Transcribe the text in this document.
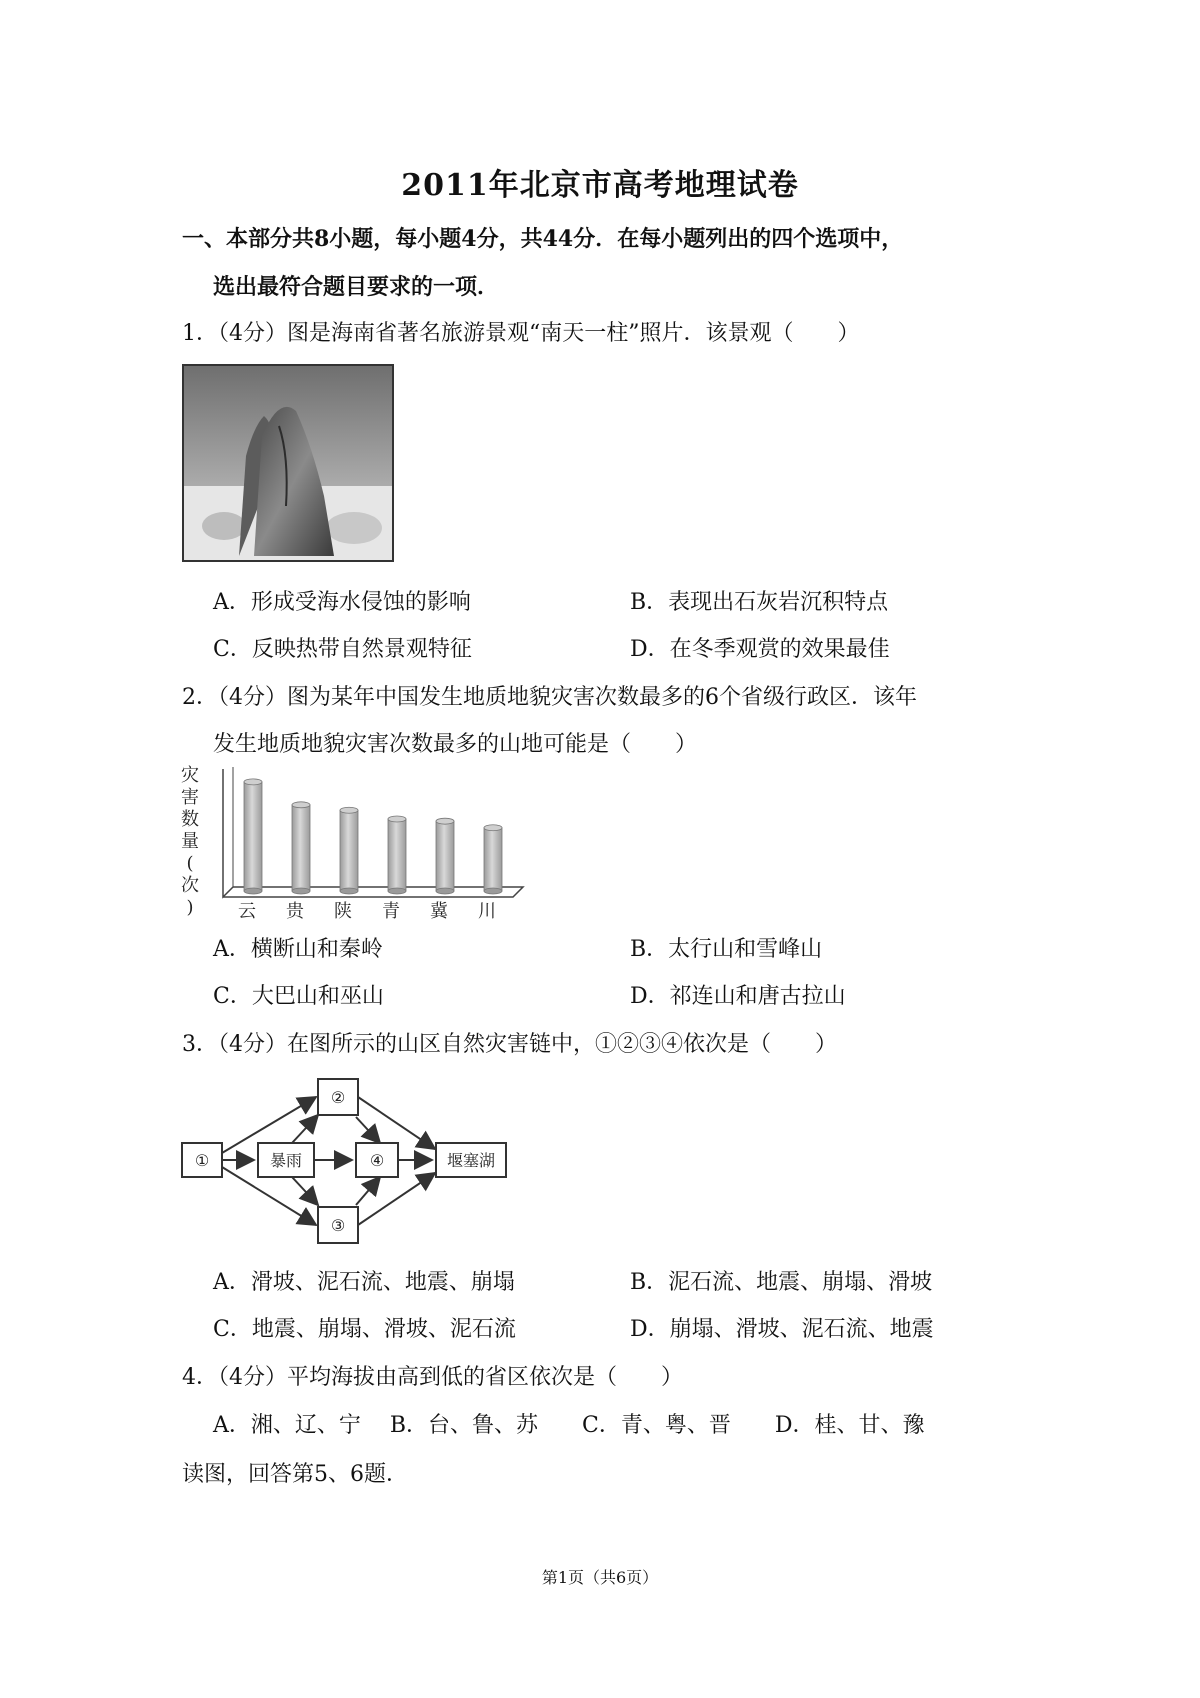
2011年北京市高考地理试卷
一、本部分共8小题，每小题4分，共44分．在每小题列出的四个选项中，
选出最符合题目要求的一项．
1．（4分）图是海南省著名旅游景观“南天一柱”照片．该景观（　　）
A．形成受海水侵蚀的影响	B．表现出石灰岩沉积特点
C．反映热带自然景观特征	D．在冬季观赏的效果最佳
2．（4分）图为某年中国发生地质地貌灾害次数最多的6个省级行政区．该年
发生地质地貌灾害次数最多的山地可能是（　　）
灾
害
数
量
(
次
) 云 贵 陕 青 冀 川
A．横断山和秦岭	B．太行山和雪峰山
C．大巴山和巫山	D．祁连山和唐古拉山
3．（4分）在图所示的山区自然灾害链中，①②③④依次是（　　）
①	暴雨
②
③
④	堰塞湖
A．滑坡、泥石流、地震、崩塌	B．泥石流、地震、崩塌、滑坡
C．地震、崩塌、滑坡、泥石流	D．崩塌、滑坡、泥石流、地震
4．（4分）平均海拔由高到低的省区依次是（　　）
A．湘、辽、宁　 B．台、鲁、苏　　C．青、粤、晋　　D．桂、甘、豫
读图，回答第5、6题．
第1页（共6页）
